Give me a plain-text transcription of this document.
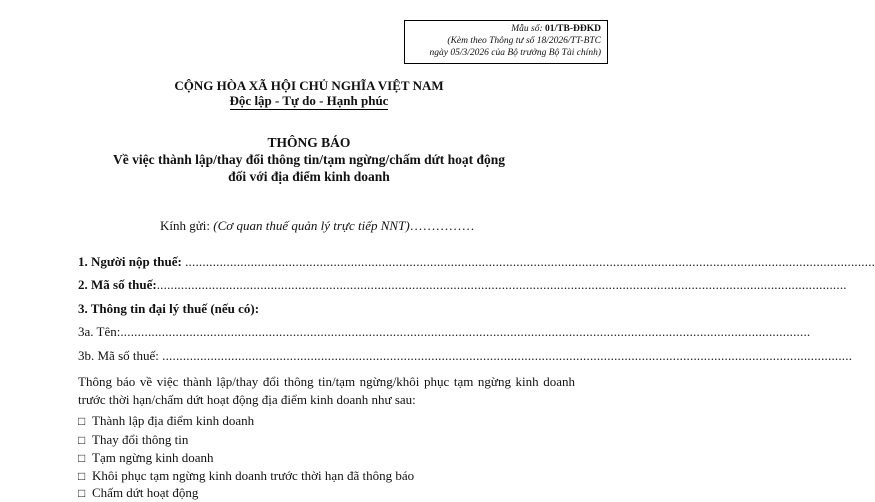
Mẫu số: 01/TB-ĐĐKD
(Kèm theo Thông tư số 18/2026/TT-BTC
ngày 05/3/2026 của Bộ trưởng Bộ Tài chính)
CỘNG HÒA XÃ HỘI CHỦ NGHĨA VIỆT NAM
Độc lập - Tự do - Hạnh phúc
THÔNG BÁO
Về việc thành lập/thay đổi thông tin/tạm ngừng/chấm dứt hoạt động
đối với địa điểm kinh doanh
Kính gửi: (Cơ quan thuế quản lý trực tiếp NNT)……………
1. Người nộp thuế:
........................................................................................................................................................................................................
2. Mã số thuế: ........................................................................................................................................................................................................
3. Thông tin đại lý thuế (nếu có):
3a. Tên: ........................................................................................................................................................................................................
3b. Mã số thuế:
........................................................................................................................................................................................................
Thông báo về việc thành lập/thay đổi thông tin/tạm ngừng/khôi phục tạm ngừng kinh doanh trước thời hạn/chấm dứt hoạt động địa điểm kinh doanh như sau:
□ Thành lập địa điểm kinh doanh
□ Thay đổi thông tin
□ Tạm ngừng kinh doanh
□ Khôi phục tạm ngừng kinh doanh trước thời hạn đã thông báo
□ Chấm dứt hoạt động
